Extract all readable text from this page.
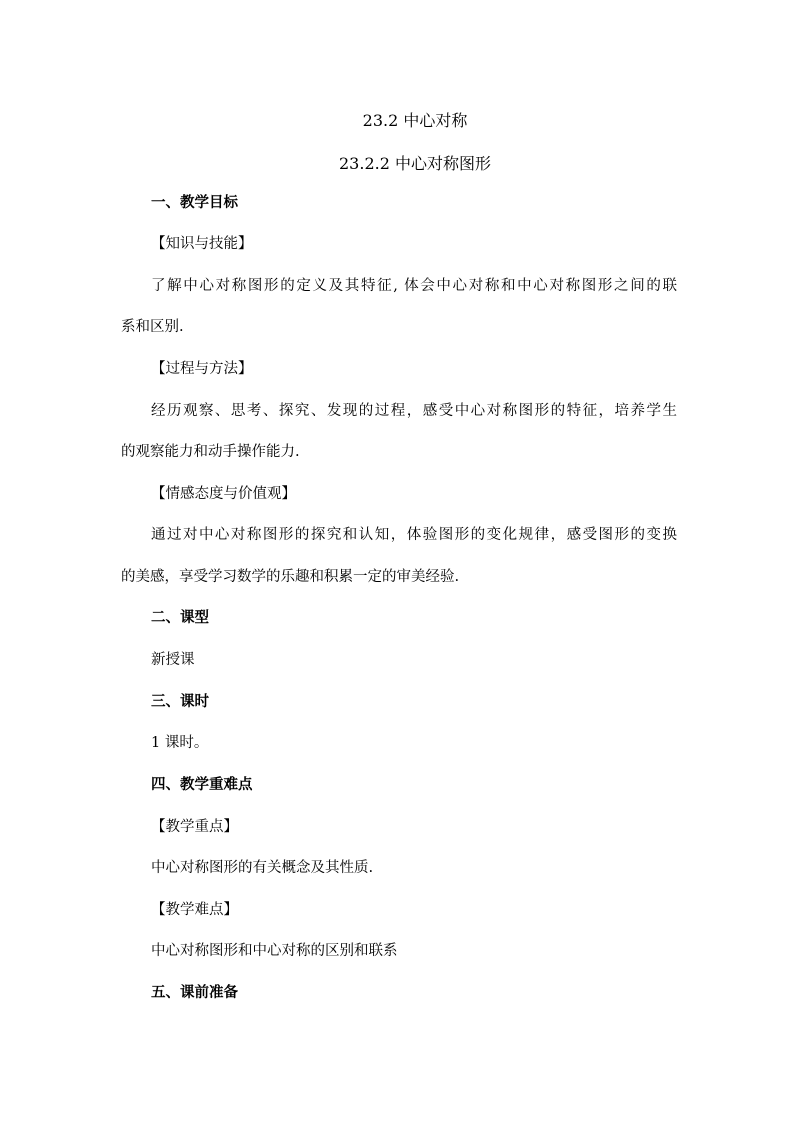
23.2 中心对称
23.2.2 中心对称图形
一、教学目标
【知识与技能】
了解中心对称图形的定义及其特征, 体会中心对称和中心对称图形之间的联
系和区别.
【过程与方法】
经历观察、思考、探究、发现的过程，感受中心对称图形的特征，培养学生
的观察能力和动手操作能力.
【情感态度与价值观】
通过对中心对称图形的探究和认知，体验图形的变化规律，感受图形的变换
的美感，享受学习数学的乐趣和积累一定的审美经验.
二、课型
新授课
三、课时
1 课时。
四、教学重难点
【教学重点】
中心对称图形的有关概念及其性质.
【教学难点】
中心对称图形和中心对称的区别和联系
五、课前准备
